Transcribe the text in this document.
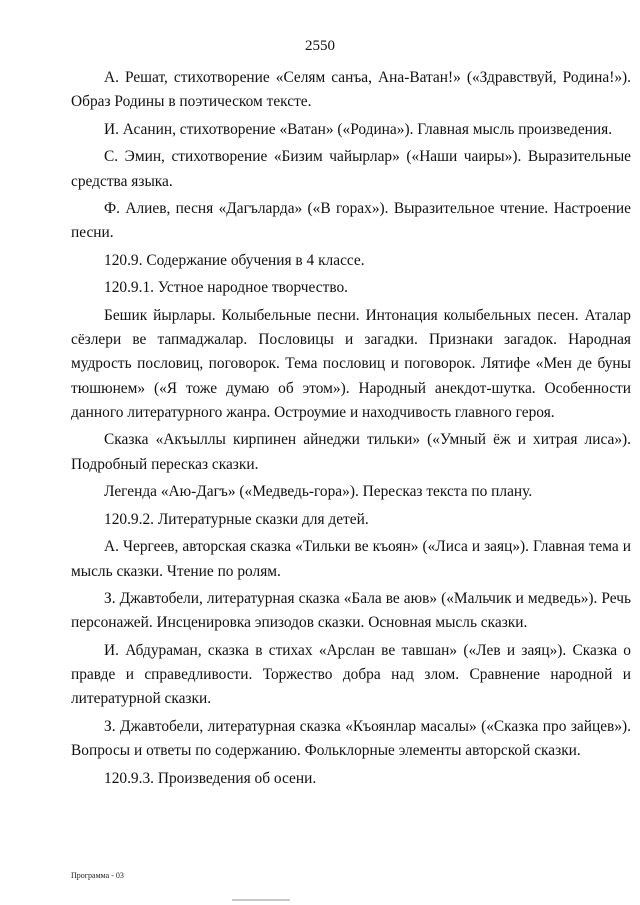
2550

А. Решат, стихотворение «Селям санъа, Ана-Ватан!» («Здравствуй, Родина!»). Образ Родины в поэтическом тексте.

И. Асанин, стихотворение «Ватан» («Родина»). Главная мысль произведения.

С. Эмин, стихотворение «Бизим чайырлар» («Наши чаиры»). Выразительные средства языка.

Ф. Алиев, песня «Дагъларда» («В горах»). Выразительное чтение. Настроение песни.

120.9. Содержание обучения в 4 классе.

120.9.1. Устное народное творчество.

Бешик йырлары. Колыбельные песни. Интонация колыбельных песен. Аталар сёзлери ве тапмаджалар. Пословицы и загадки. Признаки загадок. Народная мудрость пословиц, поговорок. Тема пословиц и поговорок. Лятифе «Мен де буны тюшюнем» («Я тоже думаю об этом»). Народный анекдот-шутка. Особенности данного литературного жанра. Остроумие и находчивость главного героя.

Сказка «Акъыллы кирпинен айнеджи тильки» («Умный ёж и хитрая лиса»). Подробный пересказ сказки.

Легенда «Аю-Дагъ» («Медведь-гора»). Пересказ текста по плану.

120.9.2. Литературные сказки для детей.

А. Чергеев, авторская сказка «Тильки ве къоян» («Лиса и заяц»). Главная тема и мысль сказки. Чтение по ролям.

З. Джавтобели, литературная сказка «Бала ве аюв» («Мальчик и медведь»). Речь персонажей. Инсценировка эпизодов сказки. Основная мысль сказки.

И. Абдураман, сказка в стихах «Арслан ве тавшан» («Лев и заяц»). Сказка о правде и справедливости. Торжество добра над злом. Сравнение народной и литературной сказки.

З. Джавтобели, литературная сказка «Къоянлар масалы» («Сказка про зайцев»). Вопросы и ответы по содержанию. Фольклорные элементы авторской сказки.

120.9.3. Произведения об осени.

Программа - 03
